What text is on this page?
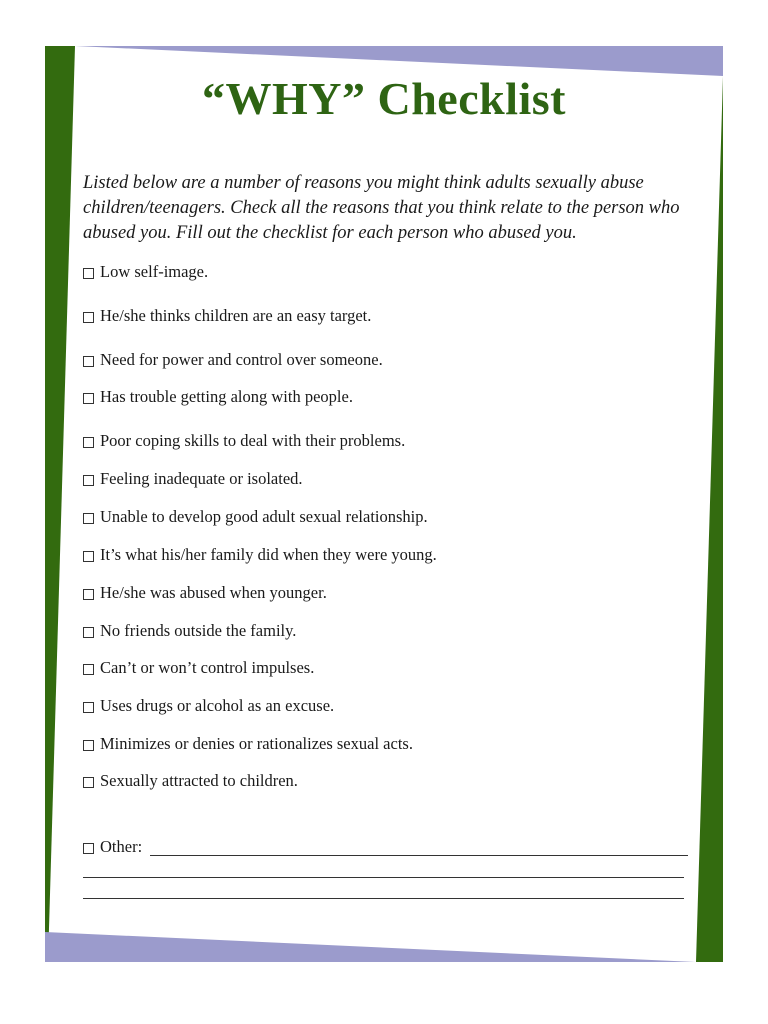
“WHY” Checklist
Listed below are a number of reasons you might think adults sexually abuse
children/teenagers. Check all the reasons that you think relate to the person who
abused you. Fill out the checklist for each person who abused you.
Low self-image.
He/she thinks children are an easy target.
Need for power and control over someone.
Has trouble getting along with people.
Poor coping skills to deal with their problems.
Feeling inadequate or isolated.
Unable to develop good adult sexual relationship.
It’s what his/her family did when they were young.
He/she was abused when younger.
No friends outside the family.
Can’t or won’t control impulses.
Uses drugs or alcohol as an excuse.
Minimizes or denies or rationalizes sexual acts.
Sexually attracted to children.
Other:
